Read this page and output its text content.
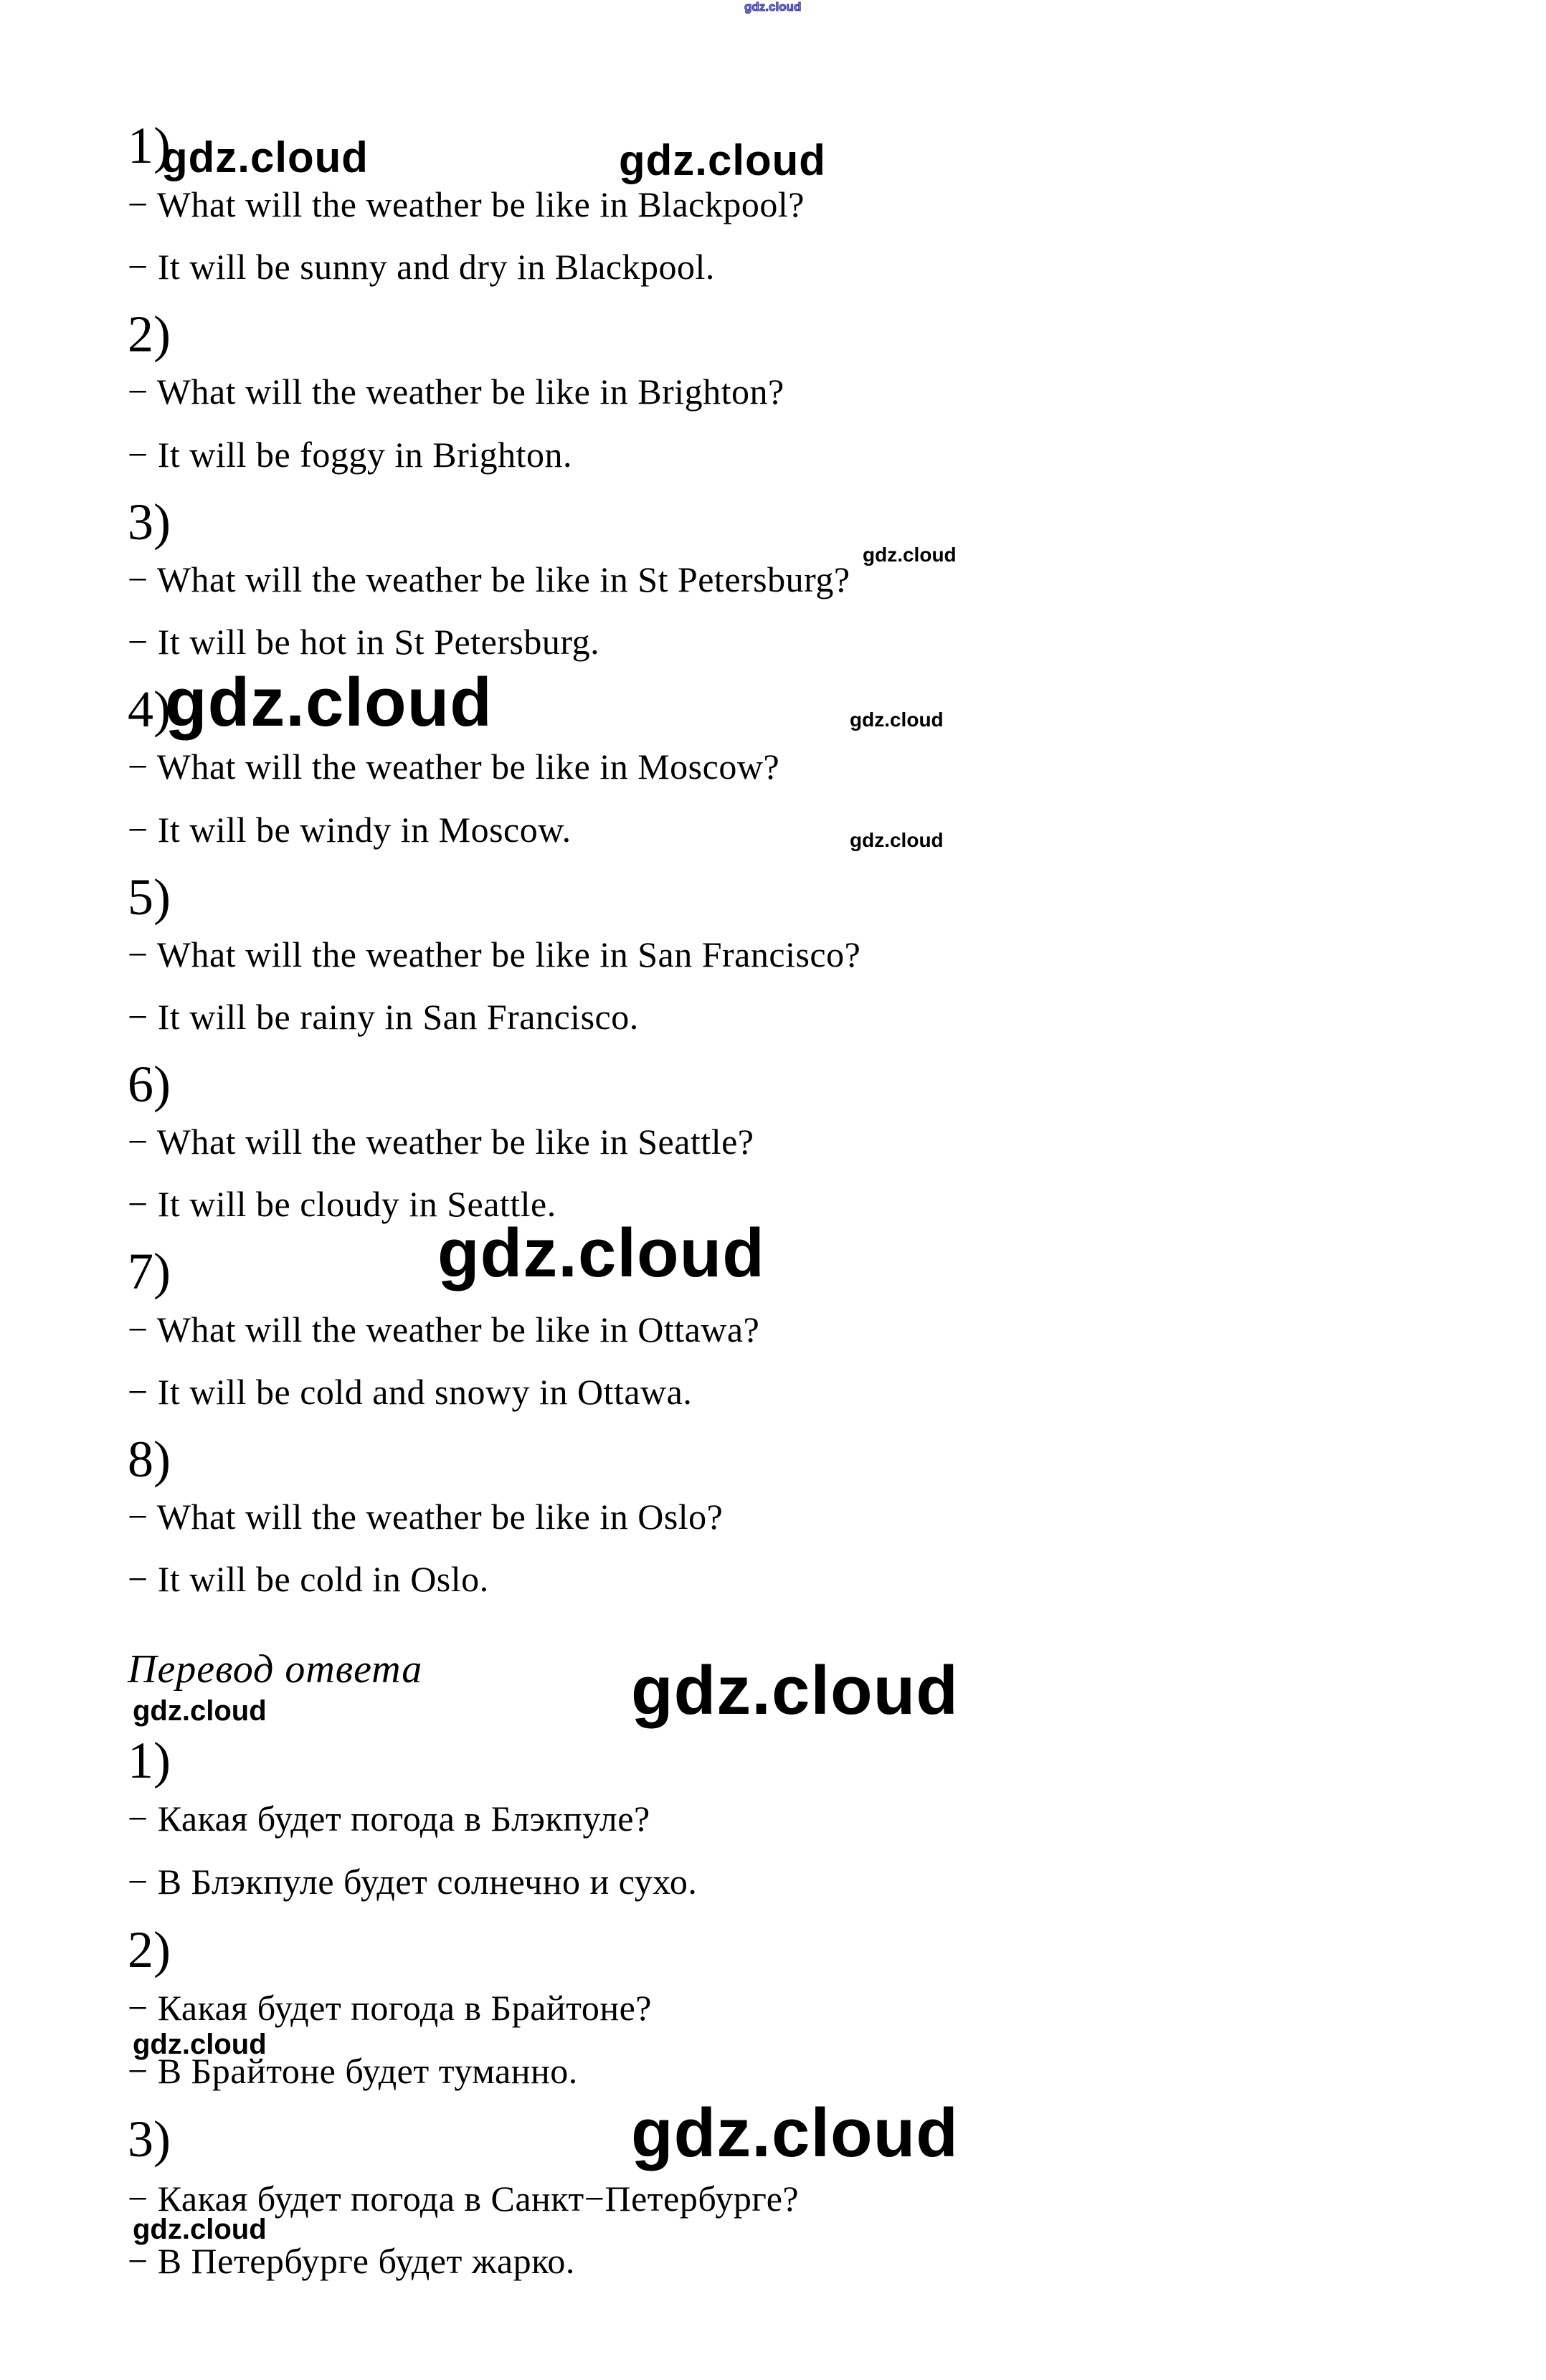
gdz.cloud
1)
gdz.cloud	gdz.cloud
− What will the weather be like in Blackpool?
− It will be sunny and dry in Blackpool.
2)
− What will the weather be like in Brighton?
− It will be foggy in Brighton.
3)
gdz.cloud
− What will the weather be like in St Petersburg?
− It will be hot in St Petersburg.
4)
gdz.cloud	gdz.cloud
− What will the weather be like in Moscow?
− It will be windy in Moscow.	gdz.cloud
5)
− What will the weather be like in San Francisco?
− It will be rainy in San Francisco.
6)
− What will the weather be like in Seattle?
− It will be cloudy in Seattle.
7)	gdz.cloud
− What will the weather be like in Ottawa?
− It will be cold and snowy in Ottawa.
8)
− What will the weather be like in Oslo?
− It will be cold in Oslo.
Перевод ответа	gdz.cloud
gdz.cloud
1)
− Какая будет погода в Блэкпуле?
− В Блэкпуле будет солнечно и сухо.
2)
− Какая будет погода в Брайтоне?
gdz.cloud
− В Брайтоне будет туманно.
3)	gdz.cloud
− Какая будет погода в Санкт−Петербурге?
gdz.cloud
− В Петербурге будет жарко.
